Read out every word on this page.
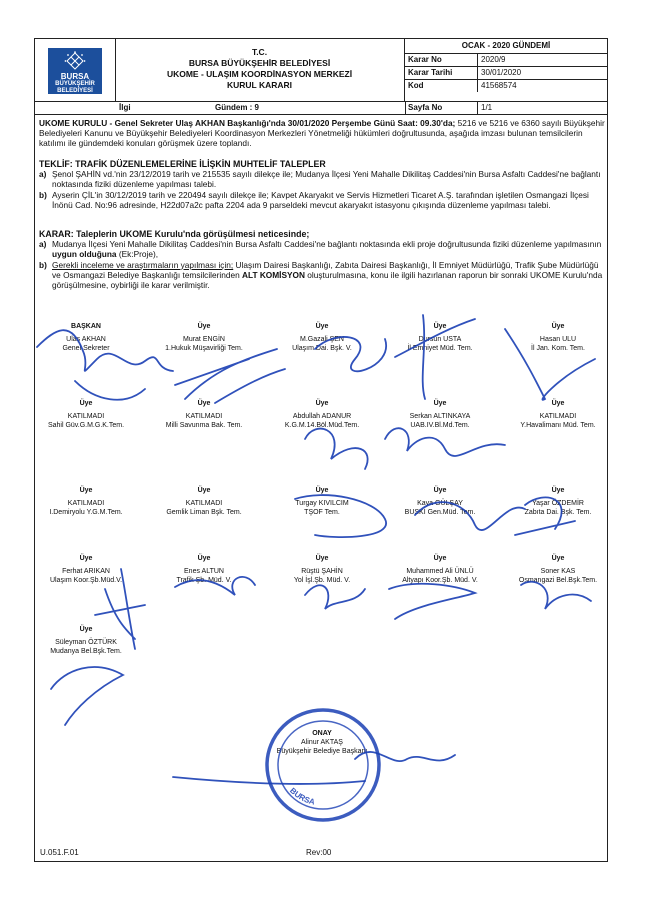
BURSA
BÜYÜKŞEHİR
BELEDİYESİ
T.C.
BURSA BÜYÜKŞEHİR BELEDİYESİ
UKOME - ULAŞIM KOORDİNASYON MERKEZİ
KURUL KARARI
OCAK - 2020 GÜNDEMİ
Karar No	2020/9
Karar Tarihi	30/01/2020
Kod	41568574
İlgi	Gündem : 9	Sayfa No	1/1
UKOME KURULU - Genel Sekreter Ulaş AKHAN Başkanlığı'nda 30/01/2020 Perşembe Günü Saat: 09.30'da; 5216 ve 5216 ve 6360 sayılı Büyükşehir Belediyeleri Kanunu ve Büyükşehir Belediyeleri Koordinasyon Merkezleri Yönetmeliği hükümleri doğrultusunda, aşağıda imzası bulunan temsilcilerin katılımı ile gündemdeki konuları görüşmek üzere toplandı.
TEKLİF: TRAFİK DÜZENLEMELERİNE İLİŞKİN MUHTELİF TALEPLER
a) Şenol ŞAHİN vd.'nin 23/12/2019 tarih ve 215535 sayılı dilekçe ile; Mudanya İlçesi Yeni Mahalle Dikilitaş Caddesi'nin Bursa Asfaltı Caddesi'ne bağlantı noktasında fiziki düzenleme yapılması talebi.
b) Ayserin ÇİL'in 30/12/2019 tarih ve 220494 sayılı dilekçe ile; Kavpet Akaryakıt ve Servis Hizmetleri Ticaret A.Ş. tarafından işletilen Osmangazi İlçesi İnönü Cad. No:96 adresinde, H22d07a2c pafta 2204 ada 9 parseldeki mevcut akaryakıt istasyonu çıkışında düzenleme yapılması talebi.
KARAR: Taleplerin UKOME Kurulu'nda görüşülmesi neticesinde;
a) Mudanya İlçesi Yeni Mahalle Dikilitaş Caddesi'nin Bursa Asfaltı Caddesi'ne bağlantı noktasında ekli proje doğrultusunda fiziki düzenleme yapılmasının uygun olduğuna (Ek:Proje),
b) Gerekli inceleme ve araştırmaların yapılması için; Ulaşım Dairesi Başkanlığı, Zabıta Dairesi Başkanlığı, İl Emniyet Müdürlüğü, Trafik Şube Müdürlüğü ve Osmangazi Belediye Başkanlığı temsilcilerinden ALT KOMİSYON oluşturulmasına, konu ile ilgili hazırlanan raporun bir sonraki UKOME Kurulu'nda görüşülmesine, oybirliği ile karar verilmiştir.
BAŞKAN
Ulaş AKHAN
Genel Sekreter
Üye
Murat ENGİN
1.Hukuk Müşavirliği Tem.
Üye
M.Gazali ŞEN
Ulaşım Dai. Bşk. V.
Üye
Dursun USTA
İl Emniyet Müd. Tem.
Üye
Hasan ULU
İl Jan. Kom. Tem.
Üye
KATILMADI
Sahil Güv.G.M.G.K.Tem.
Üye
KATILMADI
Milli Savunma Bak. Tem.
Üye
Abdullah ADANUR
K.G.M.14.Böl.Müd.Tem.
Üye
Serkan ALTINKAYA
UAB.IV.Bl.Md.Tem.
Üye
KATILMADI
Y.Havalimanı Müd. Tem.
Üye
KATILMADI
I.Demiryolu Y.G.M.Tem.
Üye
KATILMADI
Gemlik Liman Bşk. Tem.
Üye
Turgay KIVILCIM
TŞOF Tem.
Üye
Kaya GÜLŞAY
BUSKİ Gen.Müd. Tem.
Üye
Yaşar ÖZDEMİR
Zabıta Dai. Bşk. Tem.
Üye
Ferhat ARIKAN
Ulaşım Koor.Şb.Müd.V.
Üye
Enes ALTUN
Trafik Şb. Müd. V.
Üye
Rüştü ŞAHİN
Yol İşl.Şb. Müd. V.
Üye
Muhammed Ali ÜNLÜ
Altyapı Koor.Şb. Müd. V.
Üye
Soner KAS
Osmangazi Bel.Bşk.Tem.
Üye
Süleyman ÖZTÜRK
Mudanya Bel.Bşk.Tem.
ONAY
Alinur AKTAŞ
Büyükşehir Belediye Başkanı
BURSA
U.051.F.01	Rev:00
